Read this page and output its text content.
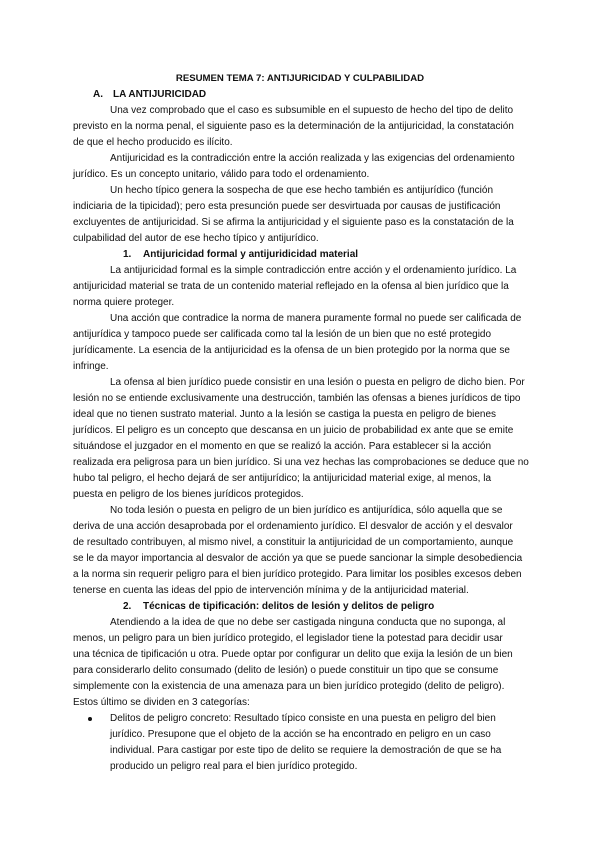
RESUMEN TEMA 7: ANTIJURICIDAD Y CULPABILIDAD
A. LA ANTIJURICIDAD
Una vez comprobado que el caso es subsumible en el supuesto de hecho del tipo de delito
previsto en la norma penal, el siguiente paso es la determinación de la antijuricidad, la constatación
de que el hecho producido es ilícito.
Antijuricidad es la contradicción entre la acción realizada y las exigencias del ordenamiento
jurídico. Es un concepto unitario, válido para todo el ordenamiento.
Un hecho típico genera la sospecha de que ese hecho también es antijurídico (función
indiciaria de la tipicidad); pero esta presunción puede ser desvirtuada por causas de justificación
excluyentes de antijuricidad. Si se afirma la antijuricidad y el siguiente paso es la constatación de la
culpabilidad del autor de ese hecho típico y antijurídico.
1. Antijuricidad formal y antijuridicidad material
La antijuricidad formal es la simple contradicción entre acción y el ordenamiento jurídico. La
antijuricidad material se trata de un contenido material reflejado en la ofensa al bien jurídico que la
norma quiere proteger.
Una acción que contradice la norma de manera puramente formal no puede ser calificada de
antijurídica y tampoco puede ser calificada como tal la lesión de un bien que no esté protegido
jurídicamente. La esencia de la antijuricidad es la ofensa de un bien protegido por la norma que se
infringe.
La ofensa al bien jurídico puede consistir en una lesión o puesta en peligro de dicho bien. Por
lesión no se entiende exclusivamente una destrucción, también las ofensas a bienes jurídicos de tipo
ideal que no tienen sustrato material. Junto a la lesión se castiga la puesta en peligro de bienes
jurídicos. El peligro es un concepto que descansa en un juicio de probabilidad ex ante que se emite
situándose el juzgador en el momento en que se realizó la acción. Para establecer si la acción
realizada era peligrosa para un bien jurídico. Si una vez hechas las comprobaciones se deduce que no
hubo tal peligro, el hecho dejará de ser antijurídico; la antijuricidad material exige, al menos, la
puesta en peligro de los bienes jurídicos protegidos.
No toda lesión o puesta en peligro de un bien jurídico es antijurídica, sólo aquella que se
deriva de una acción desaprobada por el ordenamiento jurídico. El desvalor de acción y el desvalor
de resultado contribuyen, al mismo nivel, a constituir la antijuricidad de un comportamiento, aunque
se le da mayor importancia al desvalor de acción ya que se puede sancionar la simple desobediencia
a la norma sin requerir peligro para el bien jurídico protegido. Para limitar los posibles excesos deben
tenerse en cuenta las ideas del ppio de intervención mínima y de la antijuricidad material.
2. Técnicas de tipificación: delitos de lesión y delitos de peligro
Atendiendo a la idea de que no debe ser castigada ninguna conducta que no suponga, al
menos, un peligro para un bien jurídico protegido, el legislador tiene la potestad para decidir usar
una técnica de tipificación u otra. Puede optar por configurar un delito que exija la lesión de un bien
para considerarlo delito consumado (delito de lesión) o puede constituir un tipo que se consume
simplemente con la existencia de una amenaza para un bien jurídico protegido (delito de peligro).
Estos último se dividen en 3 categorías:
Delitos de peligro concreto: Resultado típico consiste en una puesta en peligro del bien
jurídico. Presupone que el objeto de la acción se ha encontrado en peligro en un caso
individual. Para castigar por este tipo de delito se requiere la demostración de que se ha
producido un peligro real para el bien jurídico protegido.
